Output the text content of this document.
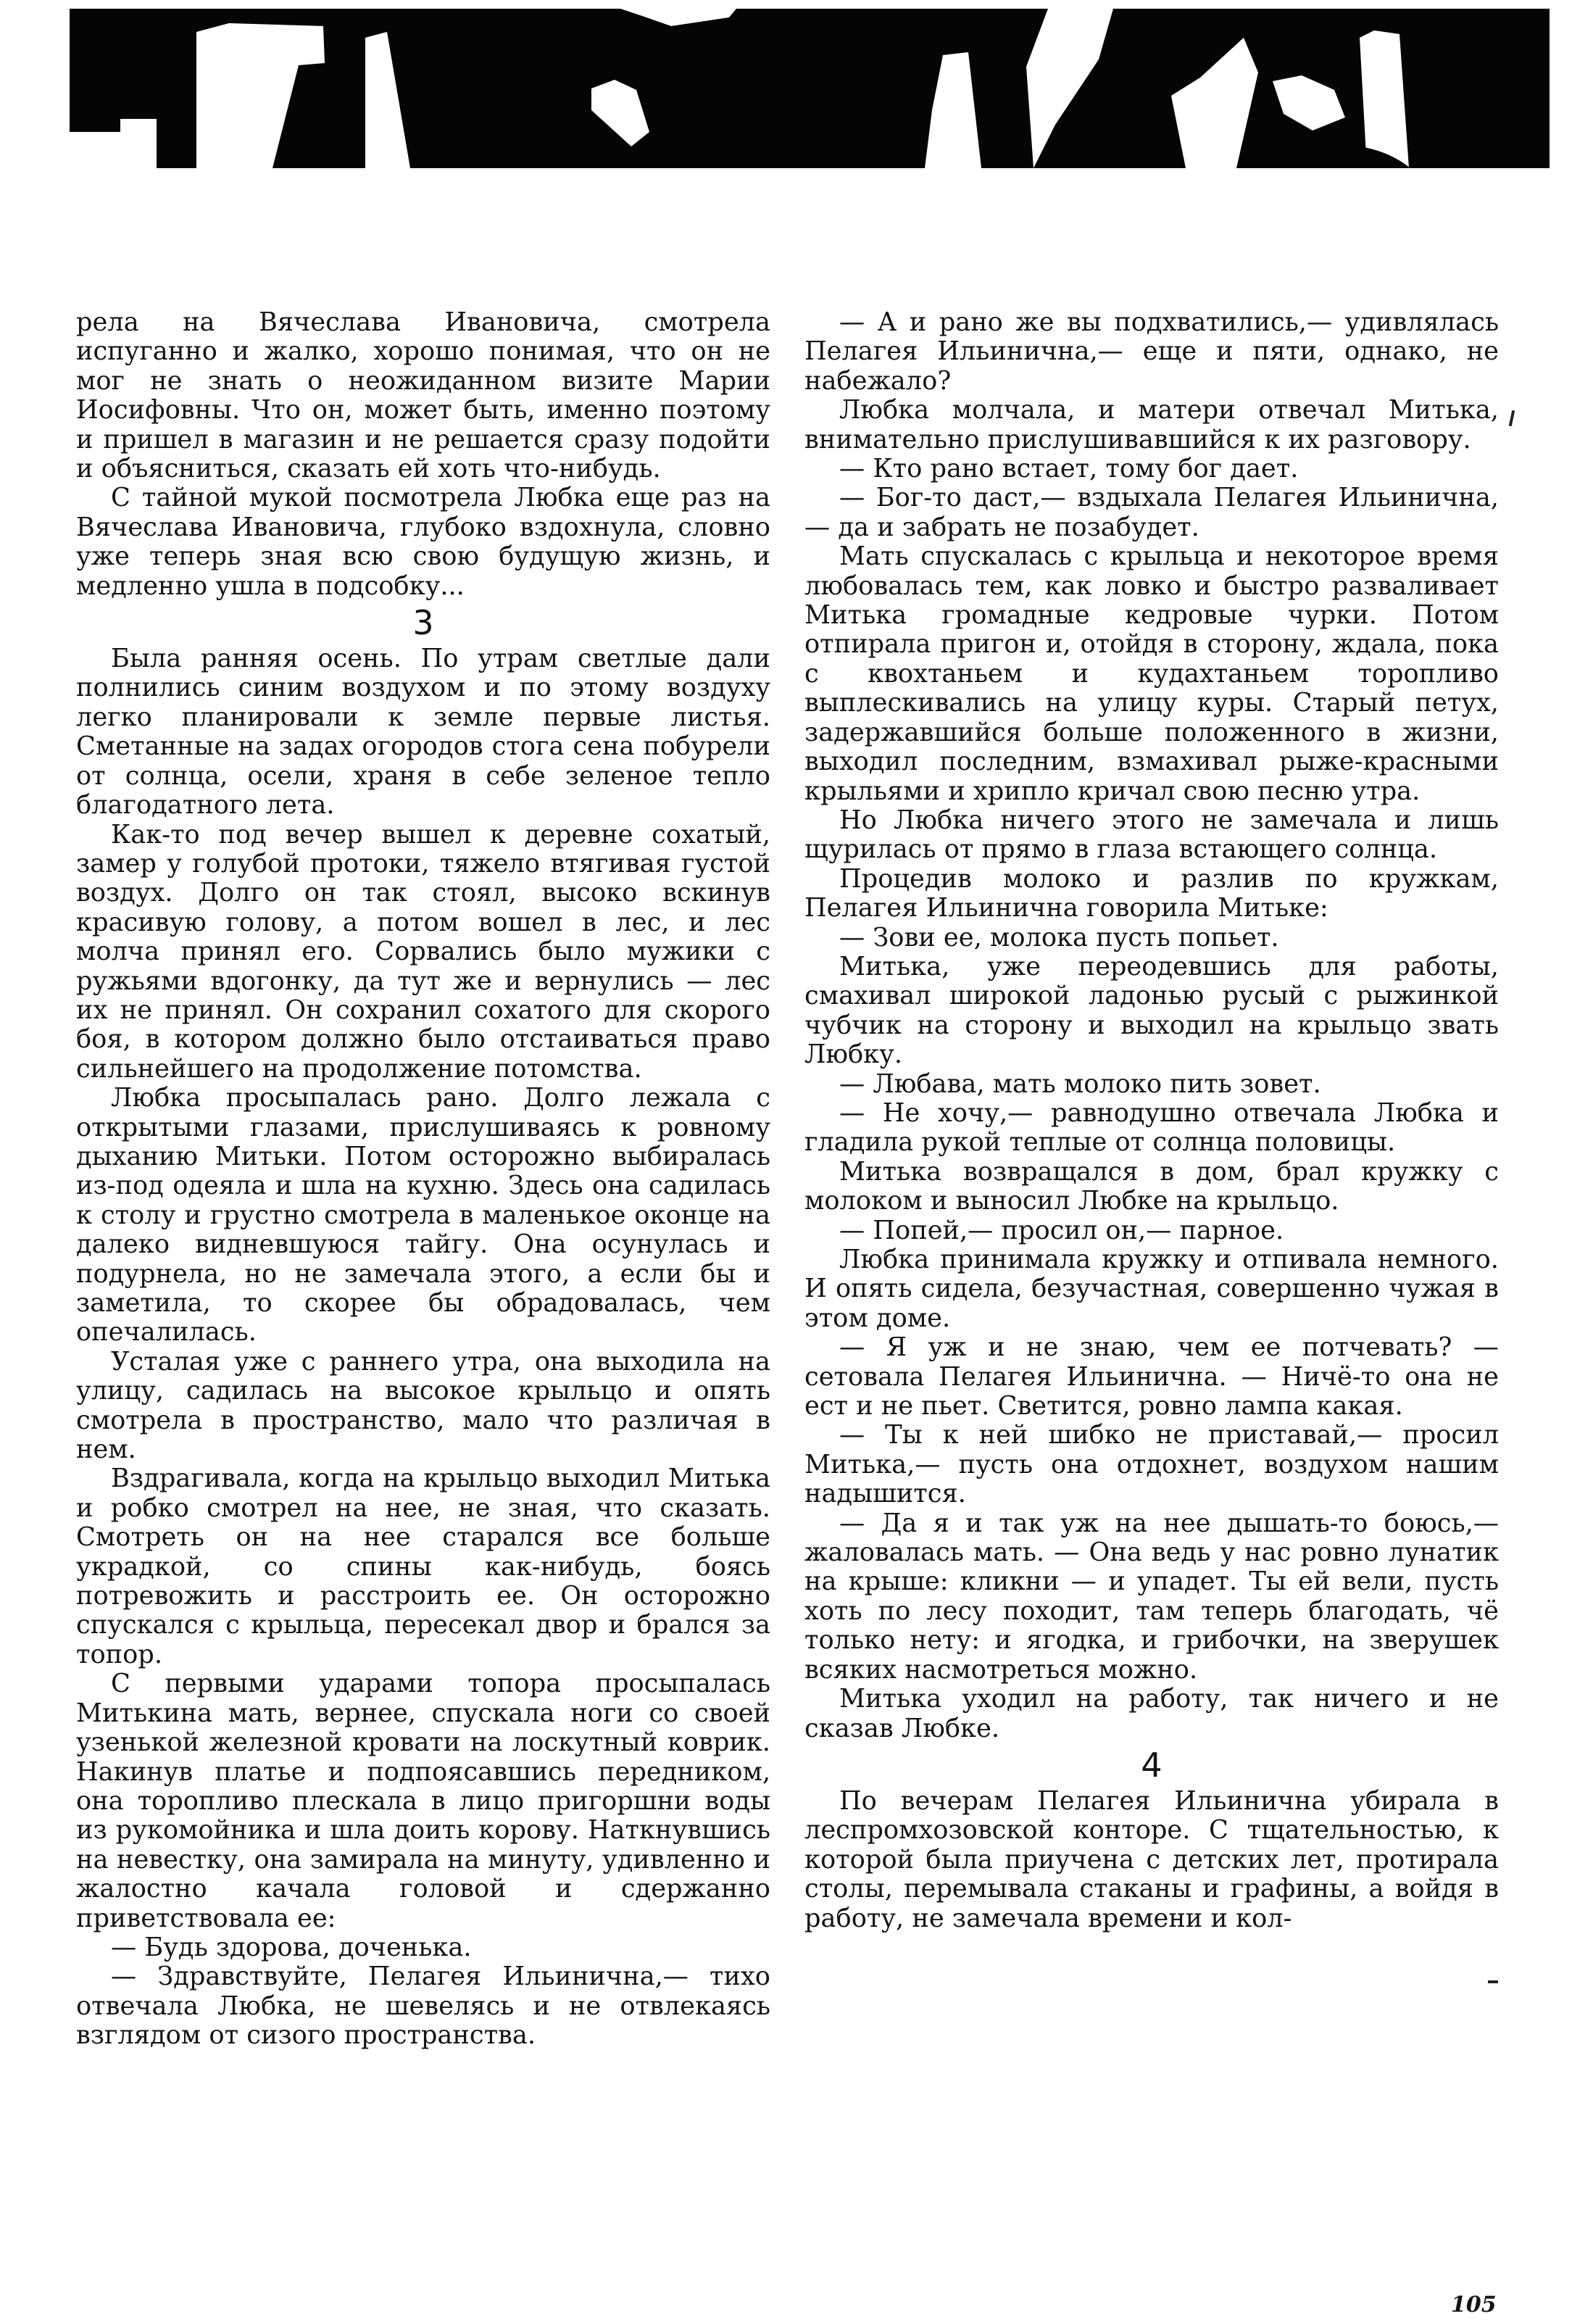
рела на Вячеслава Ивановича, смотрела испуганно и жалко, хорошо понимая, что он не мог не знать о неожиданном визите Марии Иосифовны. Что он, может быть, именно поэтому и пришел в магазин и не решается сразу подойти и объясниться, сказать ей хоть что-нибудь.

С тайной мукой посмотрела Любка еще раз на Вячеслава Ивановича, глубоко вздохнула, словно уже теперь зная всю свою будущую жизнь, и медленно ушла в подсобку...

3

Была ранняя осень. По утрам светлые дали полнились синим воздухом и по этому воздуху легко планировали к земле первые листья. Сметанные на задах огородов стога сена побурели от солнца, осели, храня в себе зеленое тепло благодатного лета.

Как-то под вечер вышел к деревне сохатый, замер у голубой протоки, тяжело втягивая густой воздух. Долго он так стоял, высоко вскинув красивую голову, а потом вошел в лес, и лес молча принял его. Сорвались было мужики с ружьями вдогонку, да тут же и вернулись — лес их не принял. Он сохранил сохатого для скорого боя, в котором должно было отстаиваться право сильнейшего на продолжение потомства.

Любка просыпалась рано. Долго лежала с открытыми глазами, прислушиваясь к ровному дыханию Митьки. Потом осторожно выбиралась из-под одеяла и шла на кухню. Здесь она садилась к столу и грустно смотрела в маленькое оконце на далеко видневшуюся тайгу. Она осунулась и подурнела, но не замечала этого, а если бы и заметила, то скорее бы обрадовалась, чем опечалилась.

Усталая уже с раннего утра, она выходила на улицу, садилась на высокое крыльцо и опять смотрела в пространство, мало что различая в нем.

Вздрагивала, когда на крыльцо выходил Митька и робко смотрел на нее, не зная, что сказать. Смотреть он на нее старался все больше украдкой, со спины как-нибудь, боясь потревожить и расстроить ее. Он осторожно спускался с крыльца, пересекал двор и брался за топор.

С первыми ударами топора просыпалась Митькина мать, вернее, спускала ноги со своей узенькой железной кровати на лоскутный коврик. Накинув платье и подпоясавшись передником, она торопливо плескала в лицо пригоршни воды из рукомойника и шла доить корову. Наткнувшись на невестку, она замирала на минуту, удивленно и жалостно качала головой и сдержанно приветствовала ее:

— Будь здорова, доченька.

— Здравствуйте, Пелагея Ильинична,— тихо отвечала Любка, не шевелясь и не отвлекаясь взглядом от сизого пространства.

— А и рано же вы подхватились,— удивлялась Пелагея Ильинична,— еще и пяти, однако, не набежало?

Любка молчала, и матери отвечал Митька, внимательно прислушивавшийся к их разговору.

— Кто рано встает, тому бог дает.

— Бог-то даст,— вздыхала Пелагея Ильинична,— да и забрать не позабудет.

Мать спускалась с крыльца и некоторое время любовалась тем, как ловко и быстро разваливает Митька громадные кедровые чурки. Потом отпирала пригон и, отойдя в сторону, ждала, пока с квохтаньем и кудахтаньем торопливо выплескивались на улицу куры. Старый петух, задержавшийся больше положенного в жизни, выходил последним, взмахивал рыже-красными крыльями и хрипло кричал свою песню утра.

Но Любка ничего этого не замечала и лишь щурилась от прямо в глаза встающего солнца.

Процедив молоко и разлив по кружкам, Пелагея Ильинична говорила Митьке:

— Зови ее, молока пусть попьет.

Митька, уже переодевшись для работы, смахивал широкой ладонью русый с рыжинкой чубчик на сторону и выходил на крыльцо звать Любку.

— Любава, мать молоко пить зовет.

— Не хочу,— равнодушно отвечала Любка и гладила рукой теплые от солнца половицы.

Митька возвращался в дом, брал кружку с молоком и выносил Любке на крыльцо.

— Попей,— просил он,— парное.

Любка принимала кружку и отпивала немного. И опять сидела, безучастная, совершенно чужая в этом доме.

— Я уж и не знаю, чем ее потчевать? — сетовала Пелагея Ильинична. — Ничё-то она не ест и не пьет. Светится, ровно лампа какая.

— Ты к ней шибко не приставай,— просил Митька,— пусть она отдохнет, воздухом нашим надышится.

— Да я и так уж на нее дышать-то боюсь,— жаловалась мать. — Она ведь у нас ровно лунатик на крыше: кликни — и упадет. Ты ей вели, пусть хоть по лесу походит, там теперь благодать, чё только нету: и ягодка, и грибочки, на зверушек всяких насмотреться можно.

Митька уходил на работу, так ничего и не сказав Любке.

4

По вечерам Пелагея Ильинична убирала в леспромхозовской конторе. С тщательностью, к которой была приучена с детских лет, протирала столы, перемывала стаканы и графины, а войдя в работу, не замечала времени и кол-

105
